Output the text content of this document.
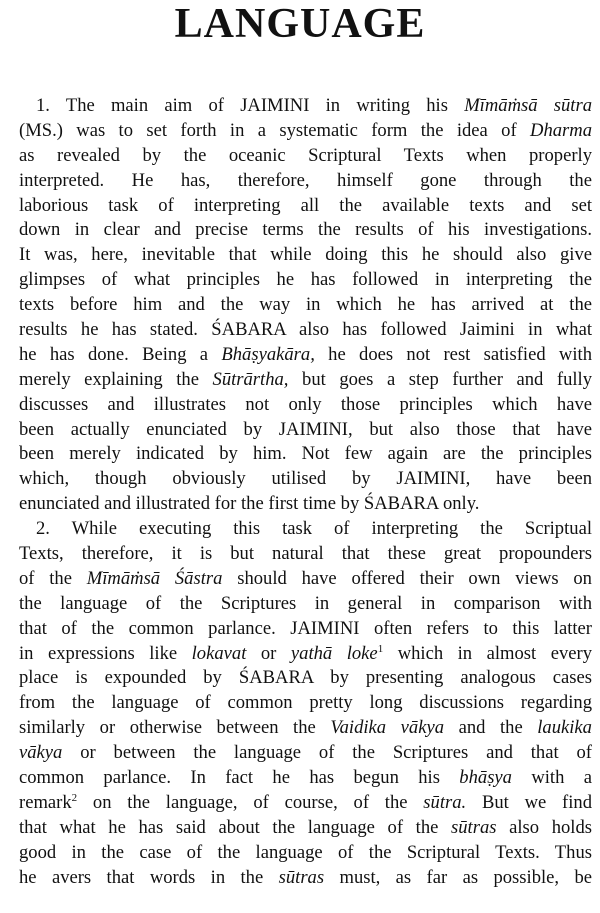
LANGUAGE
1. The main aim of JAIMINI in writing his Mīmāṁsā sūtra
(MS.) was to set forth in a systematic form the idea of Dharma
as revealed by the oceanic Scriptural Texts when properly
interpreted. He has, therefore, himself gone through the
laborious task of interpreting all the available texts and set
down in clear and precise terms the results of his investigations.
It was, here, inevitable that while doing this he should also give
glimpses of what principles he has followed in interpreting the
texts before him and the way in which he has arrived at the
results he has stated. ŚABARA also has followed Jaimini in what
he has done. Being a Bhāṣyakāra, he does not rest satisfied with
merely explaining the Sūtrārtha, but goes a step further and fully
discusses and illustrates not only those principles which have
been actually enunciated by JAIMINI, but also those that have
been merely indicated by him. Not few again are the principles
which, though obviously utilised by JAIMINI, have been
enunciated and illustrated for the first time by ŚABARA only.
2. While executing this task of interpreting the Scriptual
Texts, therefore, it is but natural that these great propounders
of the Mīmāṁsā Śāstra should have offered their own views on
the language of the Scriptures in general in comparison with
that of the common parlance. JAIMINI often refers to this latter
in expressions like lokavat or yathā loke$^1$ which in almost every
place is expounded by ŚABARA by presenting analogous cases
from the language of common pretty long discussions regarding
similarly or otherwise between the Vaidika vākya and the laukika
vākya or between the language of the Scriptures and that of
common parlance. In fact he has begun his bhāṣya with a
remark$^2$ on the language, of course, of the sūtra. But we find
that what he has said about the language of the sūtras also holds
good in the case of the language of the Scriptural Texts. Thus
he avers that words in the sūtras must, as far as possible, be
